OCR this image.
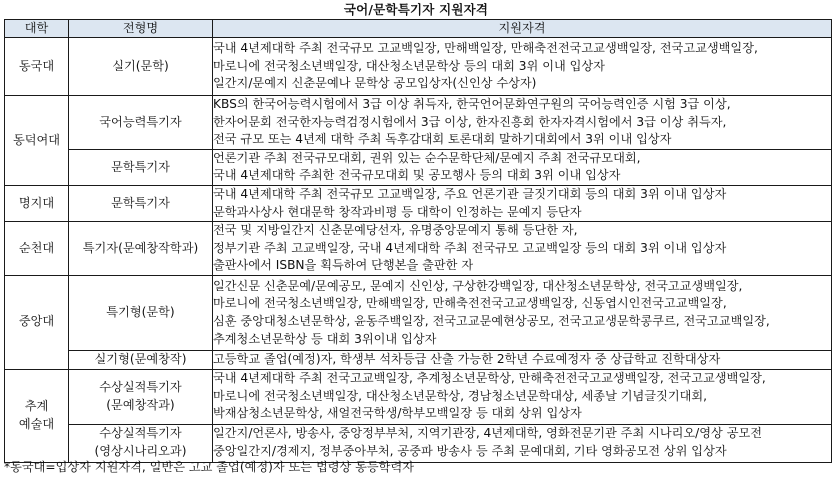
국어/문학특기자 지원자격
대학	전형명	지원자격
동국대	실기(문학)	국내 4년제대학 주최 전국규모 고교백일장, 만해백일장, 만해축전전국고교생백일장, 전국고교생백일장,
마로니에 전국청소년백일장, 대산청소년문학상 등의 대회 3위 이내 입상자
일간지/문예지 신춘문예나 문학상 공모입상자(신인상 수상자)

동덕여대	국어능력특기자	KBS의 한국어능력시험에서 3급 이상 취득자, 한국언어문화연구원의 국어능력인증 시험 3급 이상,
한자어문회 전국한자능력검정시험에서 3급 이상, 한자진흥회 한자자격시험에서 3급 이상 취득자,
전국 규모 또는 4년제 대학 주최 독후감대회 토론대회 말하기대회에서 3위 이내 입상자

	문학특기자	언론기관 주최 전국규모대회, 권위 있는 순수문학단체/문예지 주최 전국규모대회,
국내 4년제대학 주최한 전국규모대회 및 공모행사 등의 대회 3위 이내 입상자

명지대	문학특기자	국내 4년제대학 주최 전국규모 고교백일장, 주요 언론기관 글짓기대회 등의 대회 3위 이내 입상자
문학과사상사 현대문학 창작과비평 등 대학이 인정하는 문예지 등단자

순천대	특기자(문예창작학과)	전국 및 지방일간지 신춘문예당선자, 유명중앙문예지 통해 등단한 자,
정부기관 주최 고교백일장, 국내 4년제대학 주최 전국규모 고교백일장 등의 대회 3위 이내 입상자
출판사에서 ISBN을 획득하여 단행본을 출판한 자

중앙대	특기형(문학)	일간신문 신춘문예/문예공모, 문예지 신인상, 구상한강백일장, 대산청소년문학상, 전국고교생백일장,
마로니에 전국청소년백일장, 만해백일장, 만해축전전국고교생백일장, 신동엽시인전국고교백일장,
심훈 중앙대청소년문학상, 윤동주백일장, 전국고교문예현상공모, 전국고교생문학콩쿠르, 전국고교백일장,
추계청소년문학상 등 대회 3위이내 입상자

	실기형(문예창작)	고등학교 졸업(예정)자, 학생부 석차등급 산출 가능한 2학년 수료예정자 중 상급학교 진학대상자

추계
예술대	수상실적특기자
(문예창작과)	국내 4년제대학 주최 전국고교백일장, 추계청소년문학상, 만해축전전국고교생백일장, 전국고교생백일장,
마로니에 전국청소년백일장, 대산청소년문학상, 경남청소년문학대상, 세종날 기념글짓기대회,
박재삼청소년문학상, 새얼전국학생/학부모백일장 등 대회 상위 입상자

	수상실적특기자
(영상시나리오과)	일간지/언론사, 방송사, 중앙정부부처, 지역기관장, 4년제대학, 영화전문기관 주최 시나리오/영상 공모전
중앙일간지/경제지, 정부중아부처, 공중파 방송사 등 주최 문예대회, 기타 영화공모전 상위 입상자
*동국대=입상자 지원자격, 일반은 고교 졸업(예정)자 또는 법령상 동등학력자
